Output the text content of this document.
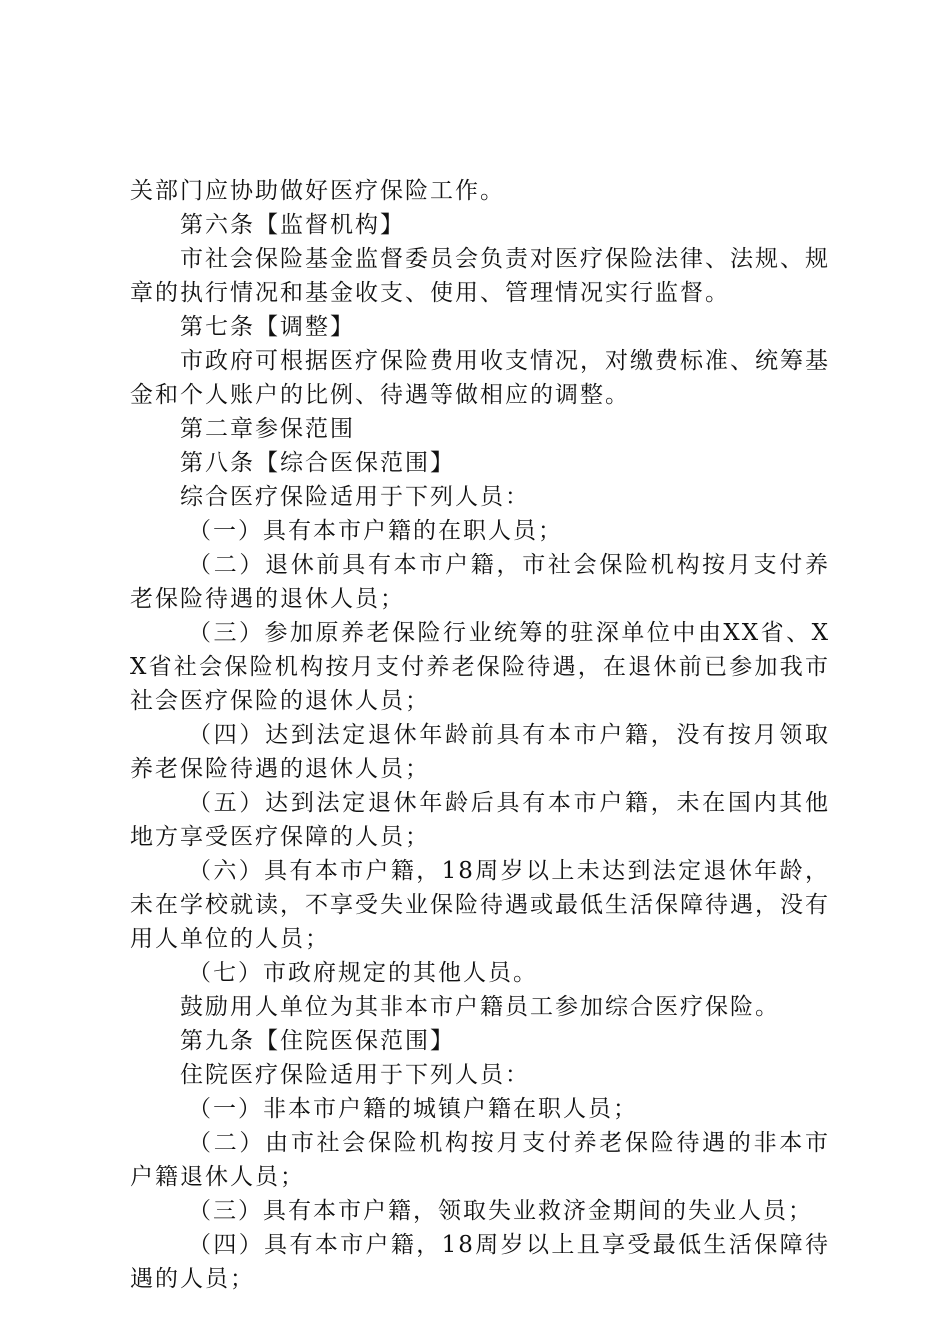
关部门应协助做好医疗保险工作。

第六条【监督机构】

市社会保险基金监督委员会负责对医疗保险法律、法规、规章的执行情况和基金收支、使用、管理情况实行监督。

第七条【调整】

市政府可根据医疗保险费用收支情况，对缴费标准、统筹基金和个人账户的比例、待遇等做相应的调整。

第二章参保范围

第八条【综合医保范围】

综合医疗保险适用于下列人员：

（一）具有本市户籍的在职人员；

（二）退休前具有本市户籍，市社会保险机构按月支付养老保险待遇的退休人员；

（三）参加原养老保险行业统筹的驻深单位中由XX省、XX省社会保险机构按月支付养老保险待遇，在退休前已参加我市社会医疗保险的退休人员；

（四）达到法定退休年龄前具有本市户籍，没有按月领取养老保险待遇的退休人员；

（五）达到法定退休年龄后具有本市户籍，未在国内其他地方享受医疗保障的人员；

（六）具有本市户籍，18周岁以上未达到法定退休年龄，未在学校就读，不享受失业保险待遇或最低生活保障待遇，没有用人单位的人员；

（七）市政府规定的其他人员。

鼓励用人单位为其非本市户籍员工参加综合医疗保险。

第九条【住院医保范围】

住院医疗保险适用于下列人员：

（一）非本市户籍的城镇户籍在职人员；

（二）由市社会保险机构按月支付养老保险待遇的非本市户籍退休人员；

（三）具有本市户籍，领取失业救济金期间的失业人员；

（四）具有本市户籍，18周岁以上且享受最低生活保障待遇的人员；
